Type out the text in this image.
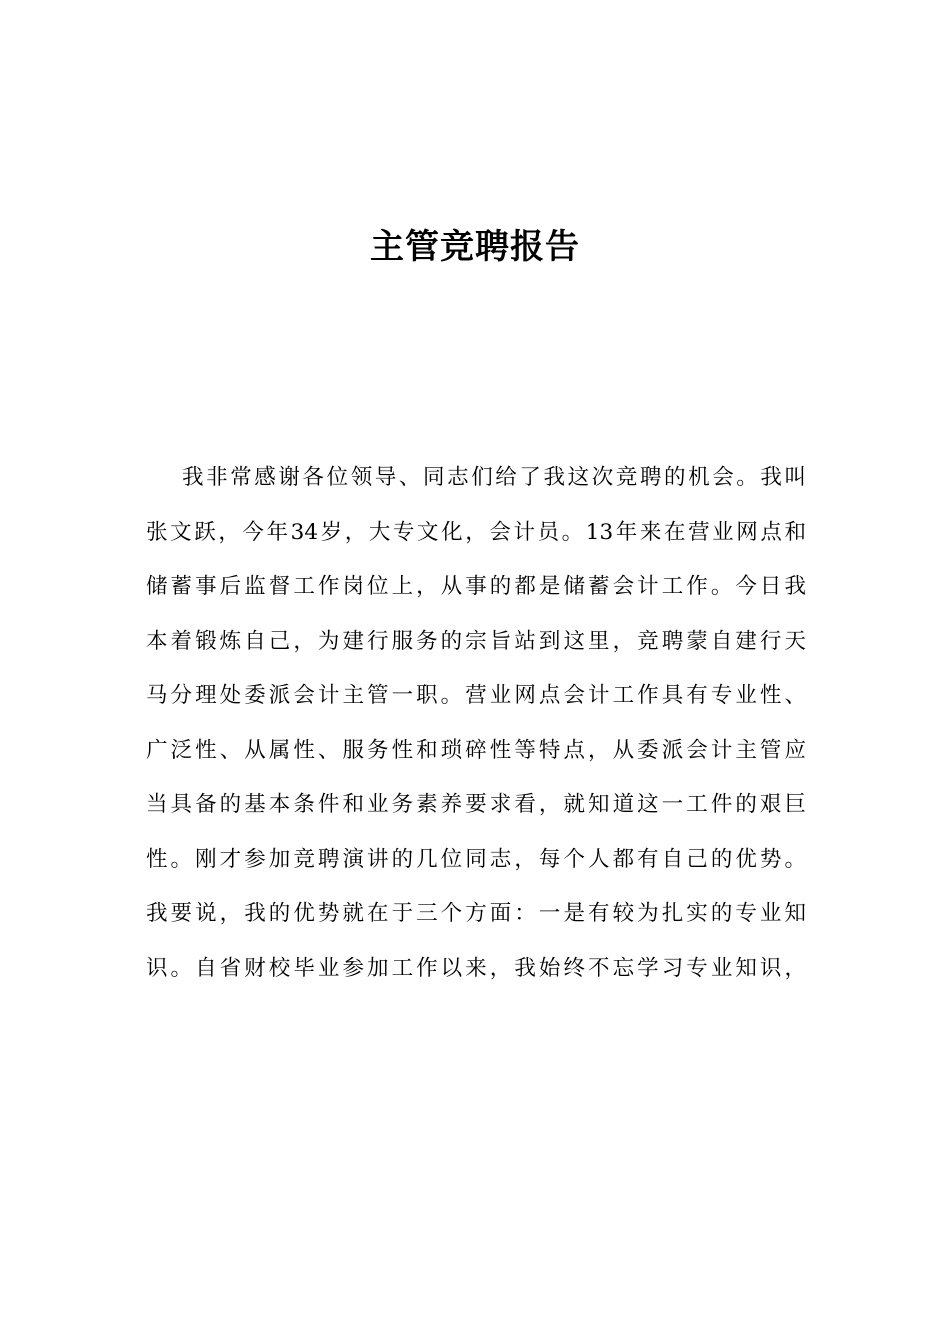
主管竞聘报告
我非常感谢各位领导、同志们给了我这次竞聘的机会。我叫
张文跃，今年34岁，大专文化，会计员。13年来在营业网点和
储蓄事后监督工作岗位上，从事的都是储蓄会计工作。今日我
本着锻炼自己，为建行服务的宗旨站到这里，竞聘蒙自建行天
马分理处委派会计主管一职。营业网点会计工作具有专业性、
广泛性、从属性、服务性和琐碎性等特点，从委派会计主管应
当具备的基本条件和业务素养要求看，就知道这一工件的艰巨
性。刚才参加竞聘演讲的几位同志，每个人都有自己的优势。
我要说，我的优势就在于三个方面：一是有较为扎实的专业知
识。自省财校毕业参加工作以来，我始终不忘学习专业知识，
